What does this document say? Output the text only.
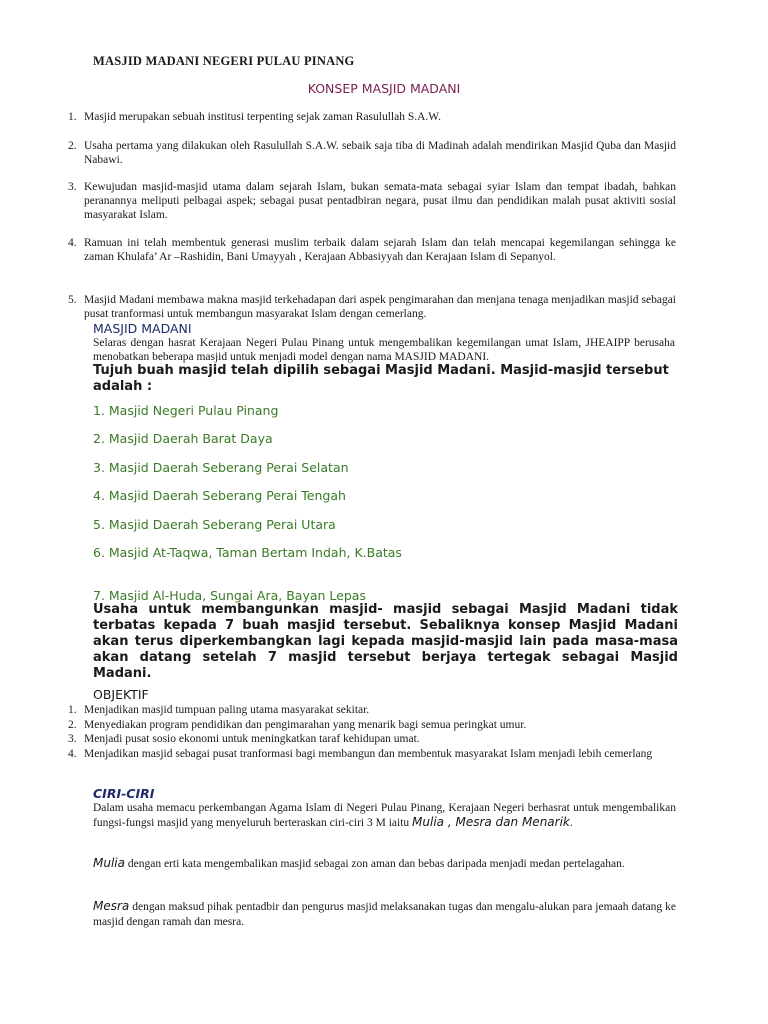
MASJID MADANI NEGERI PULAU PINANG
KONSEP MASJID MADANI
1. Masjid merupakan sebuah institusi terpenting sejak zaman Rasulullah S.A.W.
2. Usaha pertama yang dilakukan oleh Rasulullah S.A.W. sebaik saja tiba di Madinah adalah mendirikan Masjid Quba dan Masjid Nabawi.
3. Kewujudan masjid-masjid utama dalam sejarah Islam, bukan semata-mata sebagai syiar Islam dan tempat ibadah, bahkan peranannya meliputi pelbagai aspek; sebagai pusat pentadbiran negara, pusat ilmu dan pendidikan malah pusat aktiviti sosial masyarakat Islam.
4. Ramuan ini telah membentuk generasi muslim terbaik dalam sejarah Islam dan telah mencapai kegemilangan sehingga ke zaman Khulafa’ Ar –Rashidin, Bani Umayyah , Kerajaan Abbasiyyah dan Kerajaan Islam di Sepanyol.
5. Masjid Madani membawa makna masjid terkehadapan dari aspek pengimarahan dan menjana tenaga menjadikan masjid sebagai pusat tranformasi untuk membangun masyarakat Islam dengan cemerlang.
MASJID MADANI
Selaras dengan hasrat Kerajaan Negeri Pulau Pinang untuk mengembalikan kegemilangan umat Islam, JHEAIPP berusaha menobatkan beberapa masjid untuk menjadi model dengan nama MASJID MADANI.
Tujuh buah masjid telah dipilih sebagai Masjid Madani. Masjid-masjid tersebut adalah :
1. Masjid Negeri Pulau Pinang
2. Masjid Daerah Barat Daya
3. Masjid Daerah Seberang Perai Selatan
4. Masjid Daerah Seberang Perai Tengah
5. Masjid Daerah Seberang Perai Utara
6. Masjid At-Taqwa, Taman Bertam Indah, K.Batas
7. Masjid Al-Huda, Sungai Ara, Bayan Lepas
Usaha untuk membangunkan masjid- masjid sebagai Masjid Madani tidak terbatas kepada 7 buah masjid tersebut. Sebaliknya konsep Masjid Madani akan terus diperkembangkan lagi kepada masjid-masjid lain pada masa-masa akan datang setelah 7 masjid tersebut berjaya tertegak sebagai Masjid Madani.
OBJEKTIF
1. Menjadikan masjid tumpuan paling utama masyarakat sekitar.
2. Menyediakan program pendidikan dan pengimarahan yang menarik bagi semua peringkat umur.
3. Menjadi pusat sosio ekonomi untuk meningkatkan taraf kehidupan umat.
4. Menjadikan masjid sebagai pusat tranformasi bagi membangun dan membentuk masyarakat Islam menjadi lebih cemerlang
CIRI-CIRI
Dalam usaha memacu perkembangan Agama Islam di Negeri Pulau Pinang, Kerajaan Negeri berhasrat untuk mengembalikan fungsi-fungsi masjid yang menyeluruh berteraskan ciri-ciri 3 M iaitu Mulia , Mesra dan Menarik.
Mulia dengan erti kata mengembalikan masjid sebagai zon aman dan bebas daripada menjadi medan pertelagahan.
Mesra dengan maksud pihak pentadbir dan pengurus masjid melaksanakan tugas dan mengalu-alukan para jemaah datang ke masjid dengan ramah dan mesra.
